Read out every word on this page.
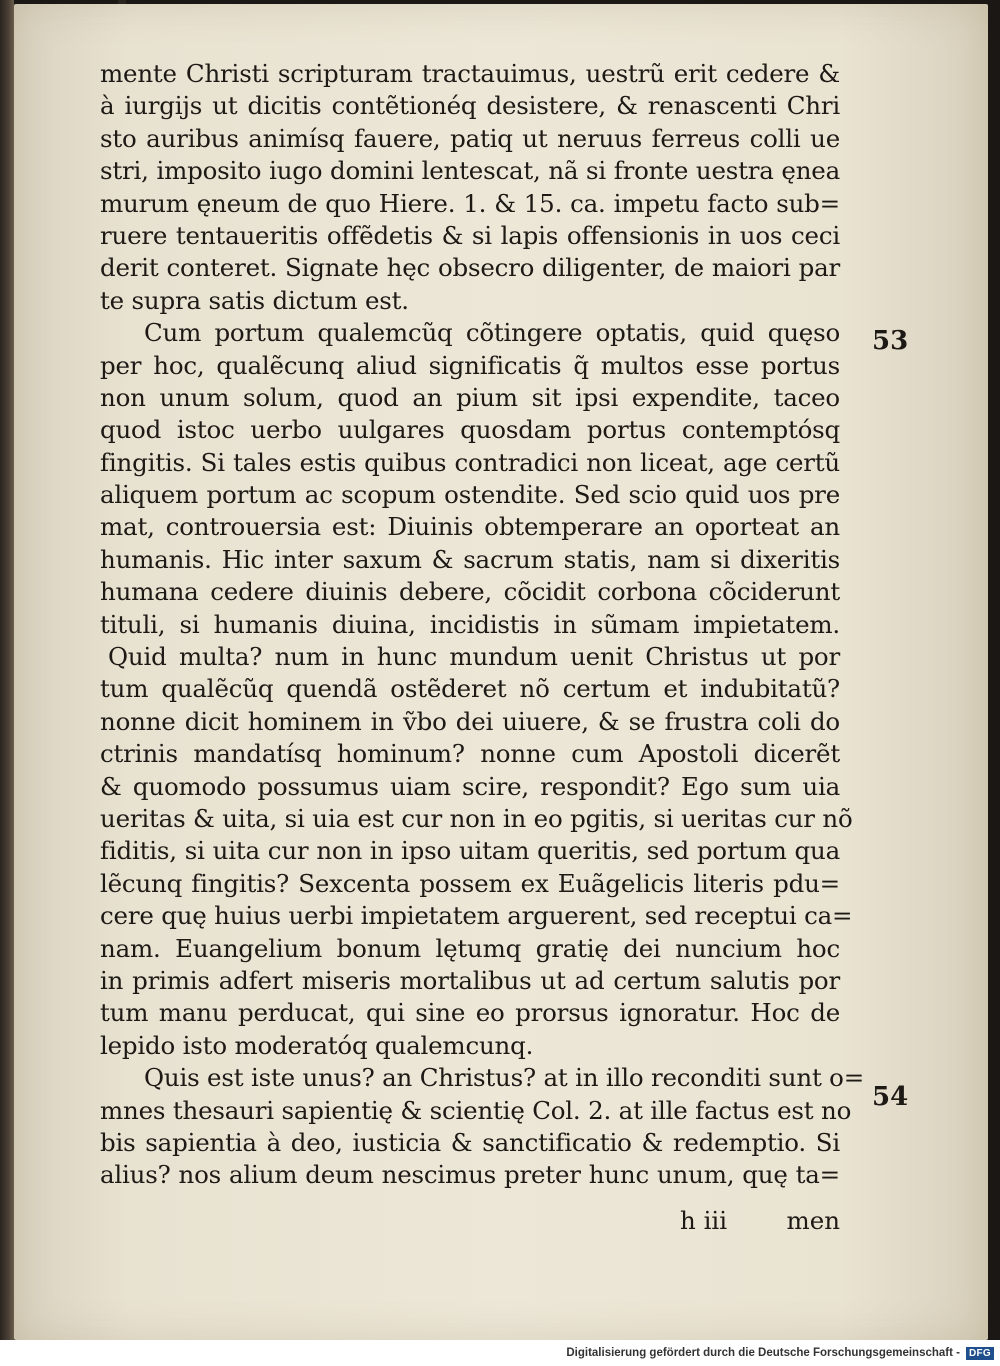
mente Christi scripturam tractauimus, uestrũ erit cedere &
à iurgijs ut dicitis contẽtionéq desistere, & renascenti Chri
sto auribus animísq fauere, patiq ut neruus ferreus colli ue
stri, imposito iugo domini lentescat, nã si fronte uestra ęnea
murum ęneum de quo Hiere. 1. & 15. ca. impetu facto sub=
ruere tentaueritis offẽdetis & si lapis offensionis in uos ceci
derit conteret. Signate hęc obsecro diligenter, de maiori par
te supra satis dictum est.
Cum portum qualemcũq cõtingere optatis, quid quęso
per hoc, qualẽcunq aliud significatis q̃ multos esse portus
non unum solum, quod an pium sit ipsi expendite, taceo
quod istoc uerbo uulgares quosdam portus contemptósq
fingitis. Si tales estis quibus contradici non liceat, age certũ
aliquem portum ac scopum ostendite. Sed scio quid uos pre
mat, controuersia est: Diuinis obtemperare an oporteat an
humanis. Hic inter saxum & sacrum statis, nam si dixeritis
humana cedere diuinis debere, cõcidit corbona cõciderunt
tituli, si humanis diuina, incidistis in sũmam impietatem.
Quid multa? num in hunc mundum uenit Christus ut por
tum qualẽcũq quendã ostẽderet nõ certum et indubitatũ?
nonne dicit hominem in ṽbo dei uiuere, & se frustra coli do
ctrinis mandatísq hominum? nonne cum Apostoli dicerẽt
& quomodo possumus uiam scire, respondit? Ego sum uia
ueritas & uita, si uia est cur non in eo pgitis, si ueritas cur nõ
fiditis, si uita cur non in ipso uitam queritis, sed portum qua
lẽcunq fingitis? Sexcenta possem ex Euãgelicis literis pdu=
cere quę huius uerbi impietatem arguerent, sed receptui ca=
nam. Euangelium bonum lętumq gratię dei nuncium hoc
in primis adfert miseris mortalibus ut ad certum salutis por
tum manu perducat, qui sine eo prorsus ignoratur. Hoc de
lepido isto moderatóq qualemcunq.
Quis est iste unus? an Christus? at in illo reconditi sunt o=
mnes thesauri sapientię & scientię Col. 2. at ille factus est no
bis sapientia à deo, iusticia & sanctificatio & redemptio. Si
alius? nos alium deum nescimus preter hunc unum, quę ta=
h iii men
53
54
Digitalisierung gefördert durch die Deutsche Forschungsgemeinschaft - DFG
